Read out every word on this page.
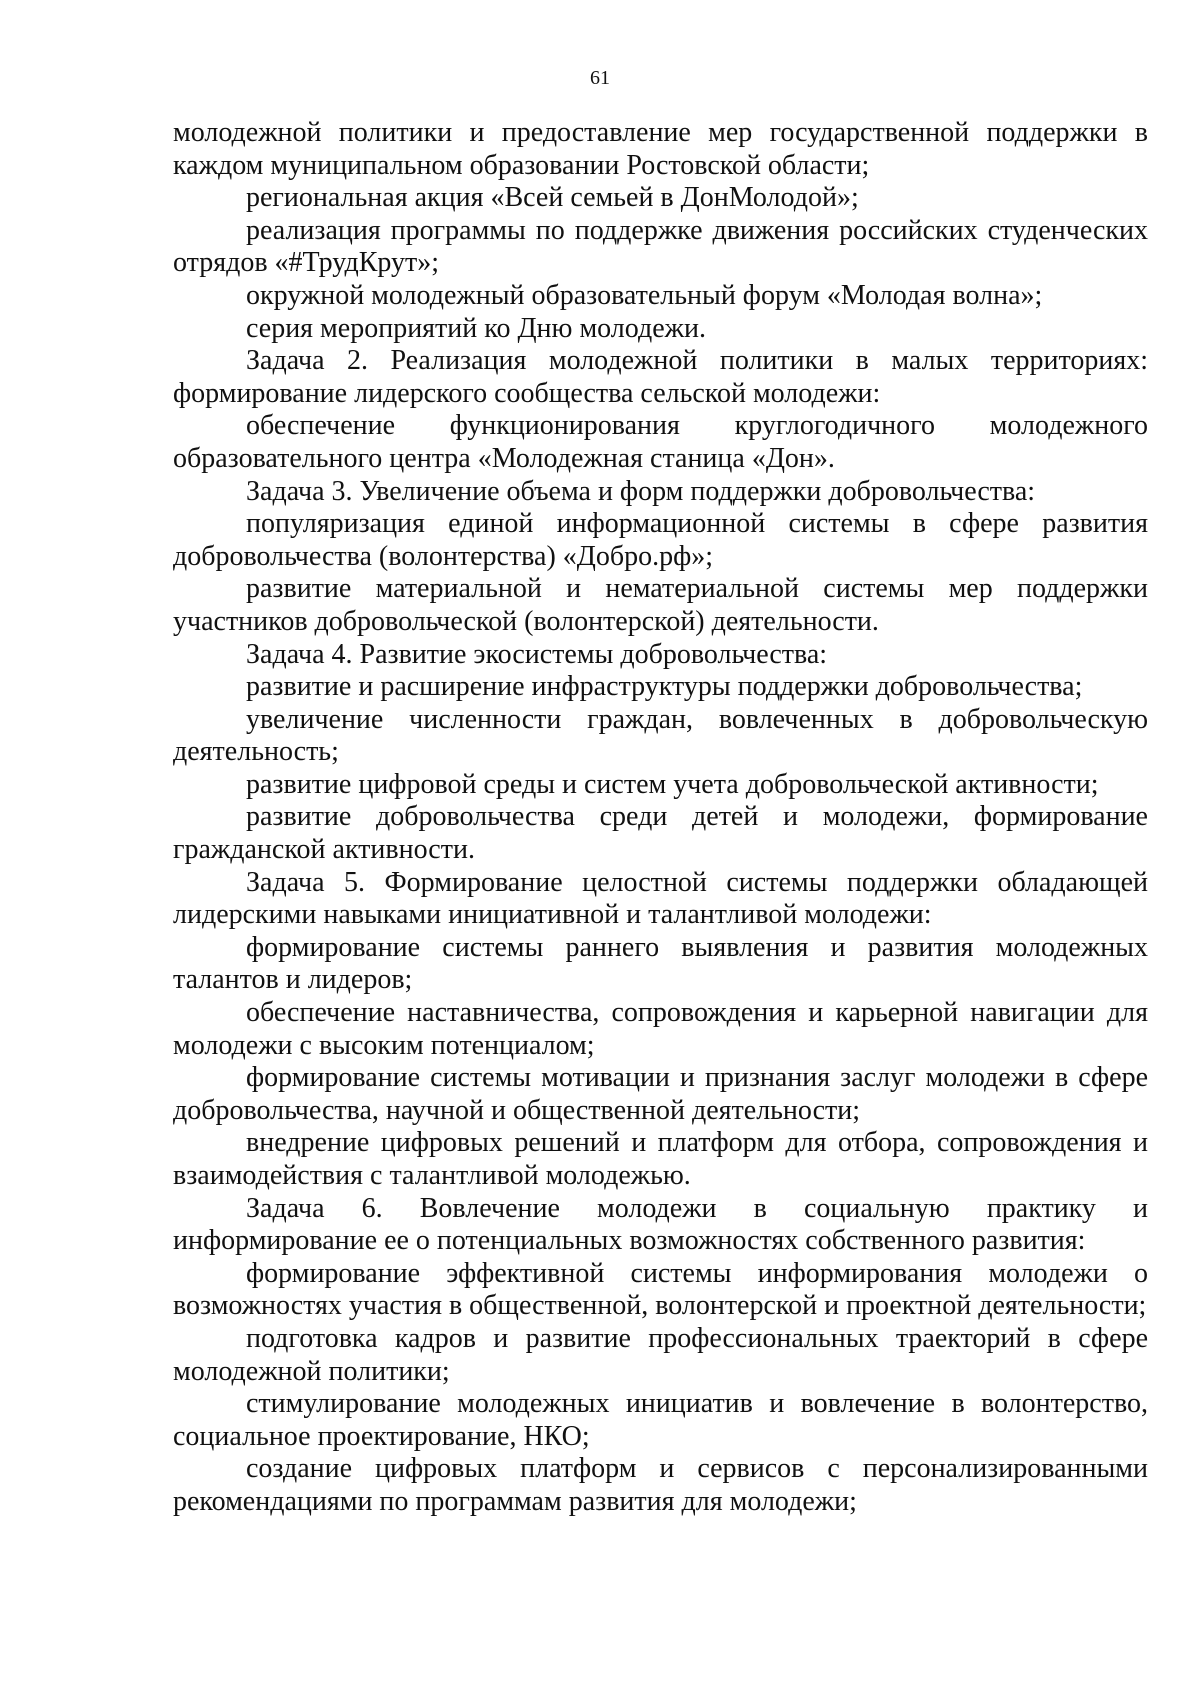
61

молодежной политики и предоставление мер государственной поддержки в каждом муниципальном образовании Ростовской области;

региональная акция «Всей семьей в ДонМолодой»;

реализация программы по поддержке движения российских студенческих отрядов «#ТрудКрут»;

окружной молодежный образовательный форум «Молодая волна»;

серия мероприятий ко Дню молодежи.

Задача 2. Реализация молодежной политики в малых территориях: формирование лидерского сообщества сельской молодежи:

обеспечение функционирования круглогодичного молодежного образовательного центра «Молодежная станица «Дон».

Задача 3. Увеличение объема и форм поддержки добровольчества:

популяризация единой информационной системы в сфере развития добровольчества (волонтерства) «Добро.рф»;

развитие материальной и нематериальной системы мер поддержки участников добровольческой (волонтерской) деятельности.

Задача 4. Развитие экосистемы добровольчества:

развитие и расширение инфраструктуры поддержки добровольчества;

увеличение численности граждан, вовлеченных в добровольческую деятельность;

развитие цифровой среды и систем учета добровольческой активности;

развитие добровольчества среди детей и молодежи, формирование гражданской активности.

Задача 5. Формирование целостной системы поддержки обладающей лидерскими навыками инициативной и талантливой молодежи:

формирование системы раннего выявления и развития молодежных талантов и лидеров;

обеспечение наставничества, сопровождения и карьерной навигации для молодежи с высоким потенциалом;

формирование системы мотивации и признания заслуг молодежи в сфере добровольчества, научной и общественной деятельности;

внедрение цифровых решений и платформ для отбора, сопровождения и взаимодействия с талантливой молодежью.

Задача 6. Вовлечение молодежи в социальную практику и информирование ее о потенциальных возможностях собственного развития:

формирование эффективной системы информирования молодежи о возможностях участия в общественной, волонтерской и проектной деятельности;

подготовка кадров и развитие профессиональных траекторий в сфере молодежной политики;

стимулирование молодежных инициатив и вовлечение в волонтерство, социальное проектирование, НКО;

создание цифровых платформ и сервисов с персонализированными рекомендациями по программам развития для молодежи;
